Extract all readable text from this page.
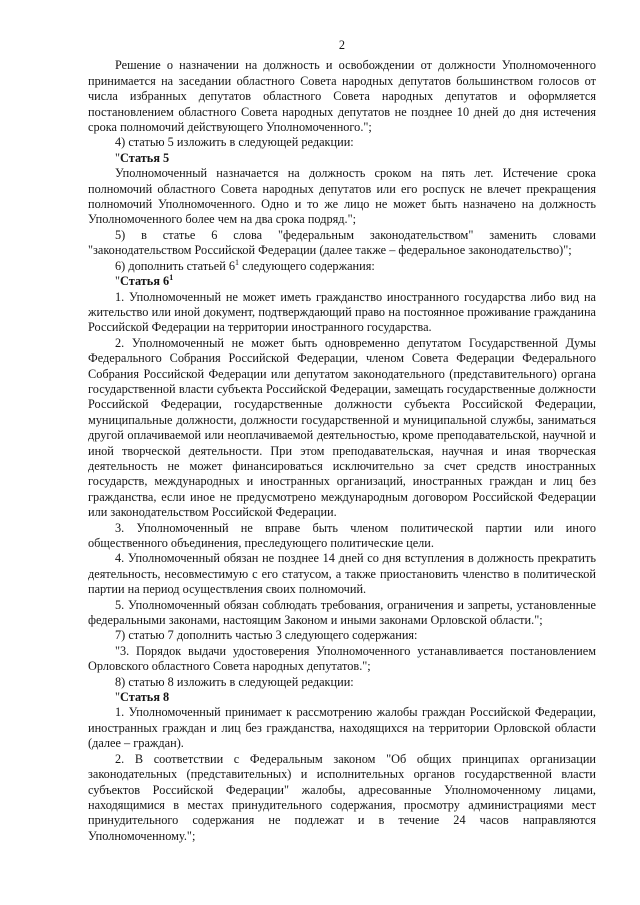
2

Решение о назначении на должность и освобождении от должности Уполномоченного принимается на заседании областного Совета народных депутатов большинством голосов от числа избранных депутатов областного Совета народных депутатов и оформляется постановлением областного Совета народных депутатов не позднее 10 дней до дня истечения срока полномочий действующего Уполномоченного.";

4) статью 5 изложить в следующей редакции:

"Статья 5

Уполномоченный назначается на должность сроком на пять лет. Истечение срока полномочий областного Совета народных депутатов или его роспуск не влечет прекращения полномочий Уполномоченного. Одно и то же лицо не может быть назначено на должность Уполномоченного более чем на два срока подряд.";

5) в статье 6 слова "федеральным законодательством" заменить словами "законодательством Российской Федерации (далее также – федеральное законодательство)";

6) дополнить статьей $6^1$ следующего содержания:

"Статья $6^1$

1. Уполномоченный не может иметь гражданство иностранного государства либо вид на жительство или иной документ, подтверждающий право на постоянное проживание гражданина Российской Федерации на территории иностранного государства.

2. Уполномоченный не может быть одновременно депутатом Государственной Думы Федерального Собрания Российской Федерации, членом Совета Федерации Федерального Собрания Российской Федерации или депутатом законодательного (представительного) органа государственной власти субъекта Российской Федерации, замещать государственные должности Российской Федерации, государственные должности субъекта Российской Федерации, муниципальные должности, должности государственной и муниципальной службы, заниматься другой оплачиваемой или неоплачиваемой деятельностью, кроме преподавательской, научной и иной творческой деятельности. При этом преподавательская, научная и иная творческая деятельность не может финансироваться исключительно за счет средств иностранных государств, международных и иностранных организаций, иностранных граждан и лиц без гражданства, если иное не предусмотрено международным договором Российской Федерации или законодательством Российской Федерации.

3. Уполномоченный не вправе быть членом политической партии или иного общественного объединения, преследующего политические цели.

4. Уполномоченный обязан не позднее 14 дней со дня вступления в должность прекратить деятельность, несовместимую с его статусом, а также приостановить членство в политической партии на период осуществления своих полномочий.

5. Уполномоченный обязан соблюдать требования, ограничения и запреты, установленные федеральными законами, настоящим Законом и иными законами Орловской области.";

7) статью 7 дополнить частью 3 следующего содержания:

"3. Порядок выдачи удостоверения Уполномоченного устанавливается постановлением Орловского областного Совета народных депутатов.";

8) статью 8 изложить в следующей редакции:

"Статья 8

1. Уполномоченный принимает к рассмотрению жалобы граждан Российской Федерации, иностранных граждан и лиц без гражданства, находящихся на территории Орловской области (далее – граждан).

2. В соответствии с Федеральным законом "Об общих принципах организации законодательных (представительных) и исполнительных органов государственной власти субъектов Российской Федерации" жалобы, адресованные Уполномоченному лицами, находящимися в местах принудительного содержания, просмотру администрациями мест принудительного содержания не подлежат и в течение 24 часов направляются Уполномоченному.";
